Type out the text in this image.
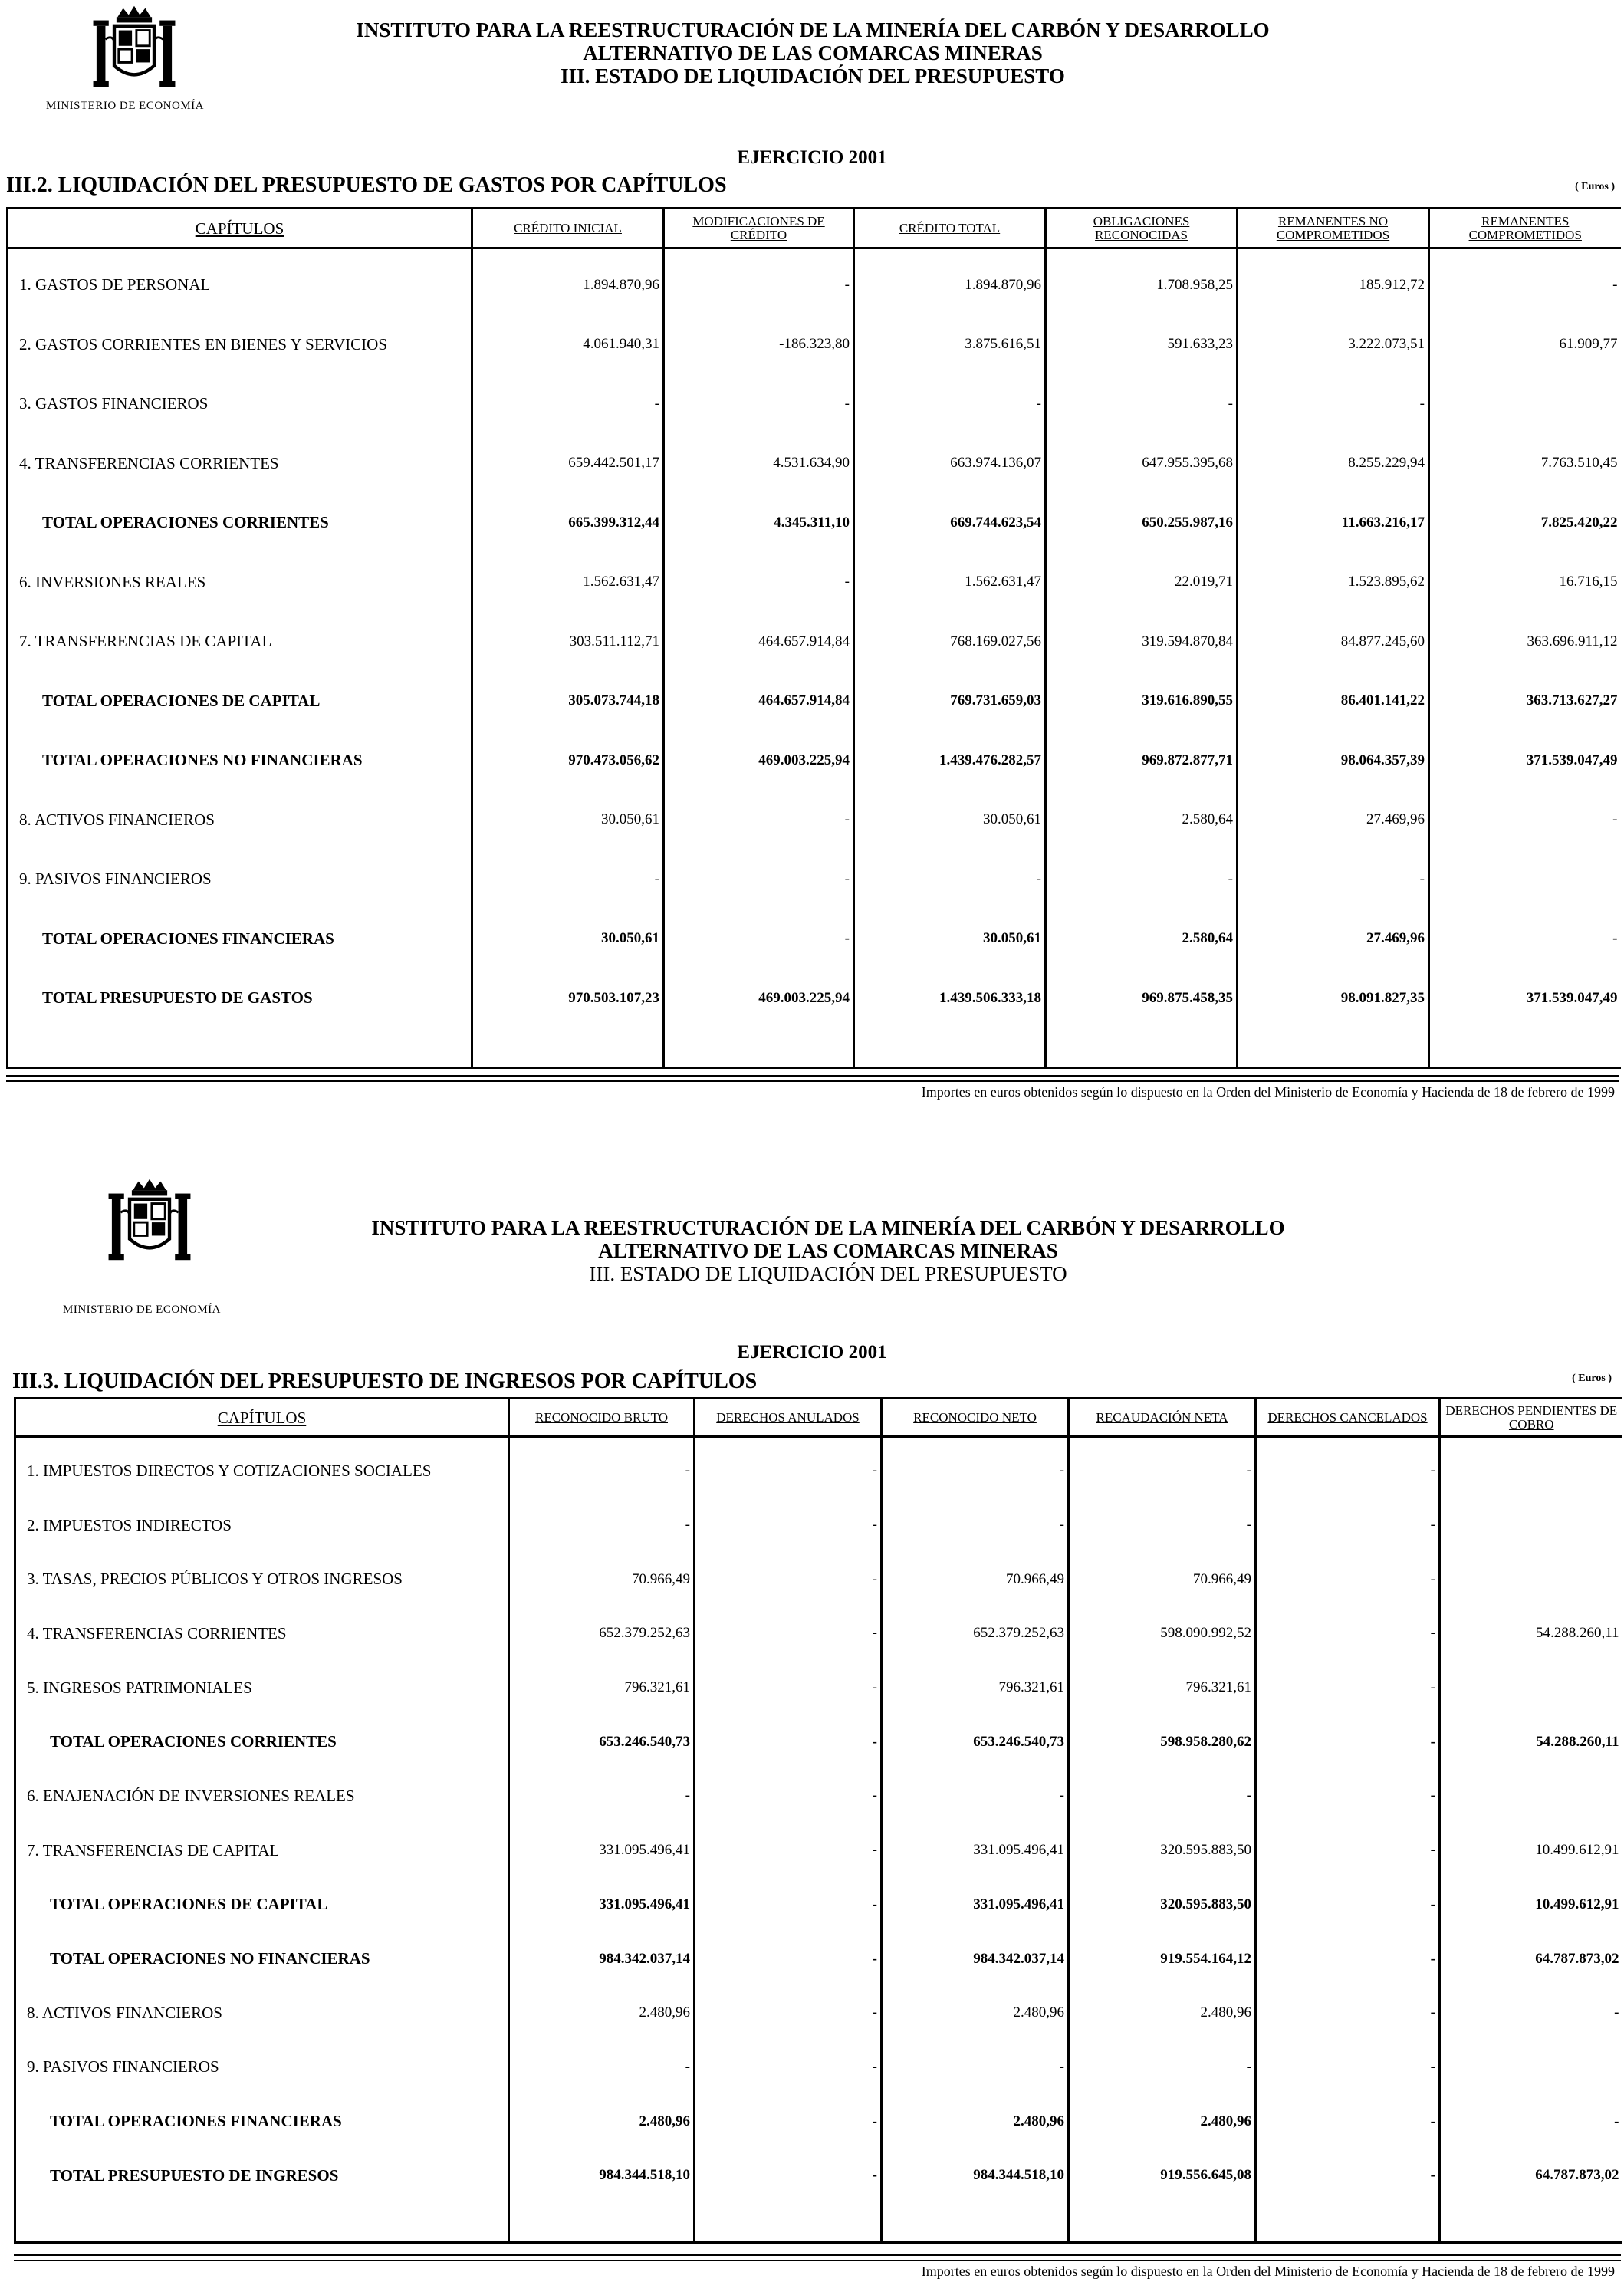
MINISTERIO DE ECONOMÍA
INSTITUTO PARA LA REESTRUCTURACIÓN DE LA MINERÍA DEL CARBÓN Y DESARROLLO
ALTERNATIVO DE LAS COMARCAS MINERAS
III. ESTADO DE LIQUIDACIÓN DEL PRESUPUESTO
EJERCICIO 2001
III.2. LIQUIDACIÓN DEL PRESUPUESTO DE GASTOS POR CAPÍTULOS	( Euros )
CAPÍTULOS	CRÉDITO INICIAL	MODIFICACIONES DE CRÉDITO	CRÉDITO TOTAL	OBLIGACIONES RECONOCIDAS	REMANENTES NO COMPROMETIDOS	REMANENTES COMPROMETIDOS

1. GASTOS DE PERSONAL	1.894.870,96	-	1.894.870,96	1.708.958,25	185.912,72	-
2. GASTOS CORRIENTES EN BIENES Y SERVICIOS	4.061.940,31	-186.323,80	3.875.616,51	591.633,23	3.222.073,51	61.909,77
3. GASTOS FINANCIEROS	-	-	-	-	-	
4. TRANSFERENCIAS CORRIENTES	659.442.501,17	4.531.634,90	663.974.136,07	647.955.395,68	8.255.229,94	7.763.510,45
TOTAL OPERACIONES CORRIENTES	665.399.312,44	4.345.311,10	669.744.623,54	650.255.987,16	11.663.216,17	7.825.420,22
6. INVERSIONES REALES	1.562.631,47	-	1.562.631,47	22.019,71	1.523.895,62	16.716,15
7. TRANSFERENCIAS DE CAPITAL	303.511.112,71	464.657.914,84	768.169.027,56	319.594.870,84	84.877.245,60	363.696.911,12
TOTAL OPERACIONES DE CAPITAL	305.073.744,18	464.657.914,84	769.731.659,03	319.616.890,55	86.401.141,22	363.713.627,27
TOTAL OPERACIONES NO FINANCIERAS	970.473.056,62	469.003.225,94	1.439.476.282,57	969.872.877,71	98.064.357,39	371.539.047,49
8. ACTIVOS FINANCIEROS	30.050,61	-	30.050,61	2.580,64	27.469,96	-
9. PASIVOS FINANCIEROS	-	-	-	-	-	
TOTAL OPERACIONES FINANCIERAS	30.050,61	-	30.050,61	2.580,64	27.469,96	-
TOTAL PRESUPUESTO DE GASTOS	970.503.107,23	469.003.225,94	1.439.506.333,18	969.875.458,35	98.091.827,35	371.539.047,49

Importes en euros obtenidos según lo dispuesto en la Orden del Ministerio de Economía y Hacienda de 18 de febrero de 1999
MINISTERIO DE ECONOMÍA
INSTITUTO PARA LA REESTRUCTURACIÓN DE LA MINERÍA DEL CARBÓN Y DESARROLLO
ALTERNATIVO DE LAS COMARCAS MINERAS
III. ESTADO DE LIQUIDACIÓN DEL PRESUPUESTO
EJERCICIO 2001
III.3. LIQUIDACIÓN DEL PRESUPUESTO DE INGRESOS POR CAPÍTULOS	( Euros )
CAPÍTULOS	RECONOCIDO BRUTO	DERECHOS ANULADOS	RECONOCIDO NETO	RECAUDACIÓN NETA	DERECHOS CANCELADOS	DERECHOS PENDIENTES DE COBRO

1. IMPUESTOS DIRECTOS Y COTIZACIONES SOCIALES	-	-	-	-	-	
2. IMPUESTOS INDIRECTOS	-	-	-	-	-	
3. TASAS, PRECIOS PÚBLICOS Y OTROS INGRESOS	70.966,49	-	70.966,49	70.966,49	-	
4. TRANSFERENCIAS CORRIENTES	652.379.252,63	-	652.379.252,63	598.090.992,52	-	54.288.260,11
5. INGRESOS PATRIMONIALES	796.321,61	-	796.321,61	796.321,61	-	
TOTAL OPERACIONES CORRIENTES	653.246.540,73	-	653.246.540,73	598.958.280,62	-	54.288.260,11
6. ENAJENACIÓN DE INVERSIONES REALES	-	-	-	-	-	
7. TRANSFERENCIAS DE CAPITAL	331.095.496,41	-	331.095.496,41	320.595.883,50	-	10.499.612,91
TOTAL OPERACIONES DE CAPITAL	331.095.496,41	-	331.095.496,41	320.595.883,50	-	10.499.612,91
TOTAL OPERACIONES NO FINANCIERAS	984.342.037,14	-	984.342.037,14	919.554.164,12	-	64.787.873,02
8. ACTIVOS FINANCIEROS	2.480,96	-	2.480,96	2.480,96	-	-
9. PASIVOS FINANCIEROS	-	-	-	-	-	
TOTAL OPERACIONES FINANCIERAS	2.480,96	-	2.480,96	2.480,96	-	-
TOTAL PRESUPUESTO DE INGRESOS	984.344.518,10	-	984.344.518,10	919.556.645,08	-	64.787.873,02

Importes en euros obtenidos según lo dispuesto en la Orden del Ministerio de Economía y Hacienda de 18 de febrero de 1999
